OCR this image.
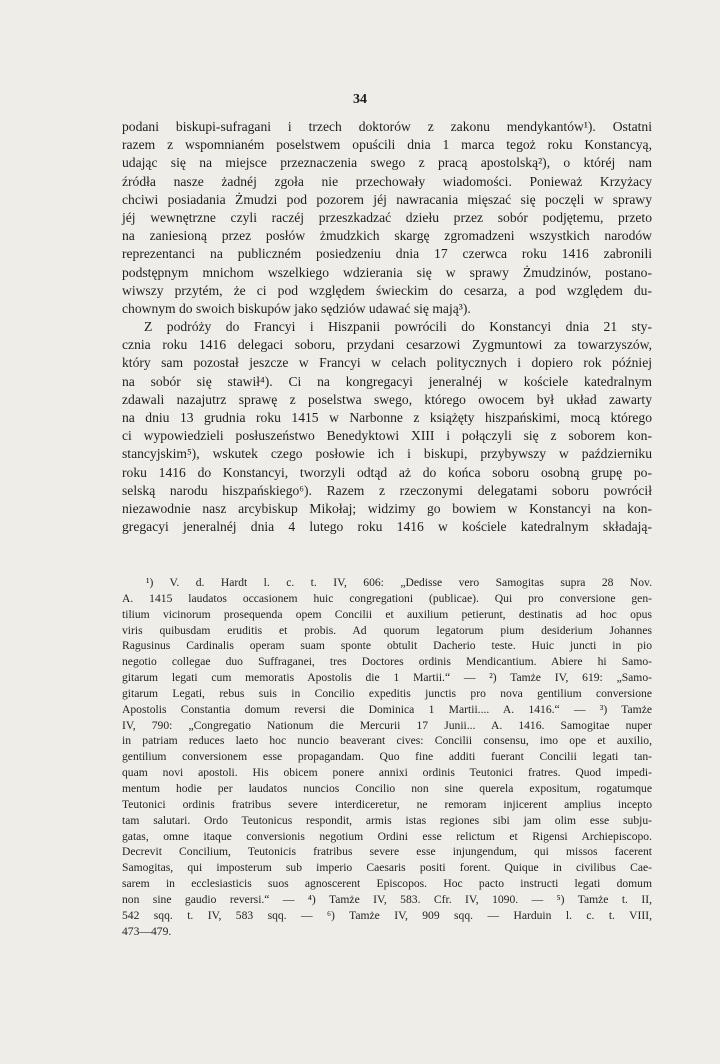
34
podani biskupi-sufragani i trzech doktorów z zakonu mendykantów¹). Ostatni
razem z wspomnianém poselstwem opuścili dnia 1 marca tegoż roku Konstancyą,
udając się na miejsce przeznaczenia swego z pracą apostolską²), o któréj nam
źródła nasze żadnéj zgoła nie przechowały wiadomości. Ponieważ Krzyżacy
chciwi posiadania Żmudzi pod pozorem jéj nawracania mięszać się poczęli w sprawy
jéj wewnętrzne czyli raczéj przeszkadzać dziełu przez sobór podjętemu, przeto
na zaniesioną przez posłów żmudzkich skargę zgromadzeni wszystkich narodów
reprezentanci na publiczném posiedzeniu dnia 17 czerwca roku 1416 zabronili
podstępnym mnichom wszelkiego wdzierania się w sprawy Żmudzinów, postano-
wiwszy przytém, że ci pod względem świeckim do cesarza, a pod względem du-
chownym do swoich biskupów jako sędziów udawać się mają³).
Z podróży do Francyi i Hiszpanii powrócili do Konstancyi dnia 21 sty-
cznia roku 1416 delegaci soboru, przydani cesarzowi Zygmuntowi za towarzyszów,
który sam pozostał jeszcze w Francyi w celach politycznych i dopiero rok później
na sobór się stawił⁴). Ci na kongregacyi jeneralnéj w kościele katedralnym
zdawali nazajutrz sprawę z poselstwa swego, którego owocem był układ zawarty
na dniu 13 grudnia roku 1415 w Narbonne z książęty hiszpańskimi, mocą którego
ci wypowiedzieli posłuszeństwo Benedyktowi XIII i połączyli się z soborem kon-
stancyjskim⁵), wskutek czego posłowie ich i biskupi, przybywszy w październiku
roku 1416 do Konstancyi, tworzyli odtąd aż do końca soboru osobną grupę po-
selską narodu hiszpańskiego⁶). Razem z rzeczonymi delegatami soboru powrócił
niezawodnie nasz arcybiskup Mikołaj; widzimy go bowiem w Konstancyi na kon-
gregacyi jeneralnéj dnia 4 lutego roku 1416 w kościele katedralnym składają-
¹) V. d. Hardt l. c. t. IV, 606: „Dedisse vero Samogitas supra 28 Nov.
A. 1415 laudatos occasionem huic congregationi (publicae). Qui pro conversione gen-
tilium vicinorum prosequenda opem Concilii et auxilium petierunt, destinatis ad hoc opus
viris quibusdam eruditis et probis. Ad quorum legatorum pium desiderium Johannes
Ragusinus Cardinalis operam suam sponte obtulit Dacherio teste. Huic juncti in pio
negotio collegae duo Suffraganei, tres Doctores ordinis Mendicantium. Abiere hi Samo-
gitarum legati cum memoratis Apostolis die 1 Martii.“ — ²) Tamże IV, 619: „Samo-
gitarum Legati, rebus suis in Concilio expeditis junctis pro nova gentilium conversione
Apostolis Constantia domum reversi die Dominica 1 Martii.... A. 1416.“ — ³) Tamże
IV, 790: „Congregatio Nationum die Mercurii 17 Junii... A. 1416. Samogitae nuper
in patriam reduces laeto hoc nuncio beaverant cives: Concilii consensu, imo ope et auxilio,
gentilium conversionem esse propagandam. Quo fine additi fuerant Concilii legati tan-
quam novi apostoli. His obicem ponere annixi ordinis Teutonici fratres. Quod impedi-
mentum hodie per laudatos nuncios Concilio non sine querela expositum, rogatumque
Teutonici ordinis fratribus severe interdiceretur, ne remoram injicerent amplius incepto
tam salutari. Ordo Teutonicus respondit, armis istas regiones sibi jam olim esse subju-
gatas, omne itaque conversionis negotium Ordini esse relictum et Rigensi Archiepiscopo.
Decrevit Concilium, Teutonicis fratribus severe esse injungendum, qui missos facerent
Samogitas, qui imposterum sub imperio Caesaris positi forent. Quique in civilibus Cae-
sarem in ecclesiasticis suos agnoscerent Episcopos. Hoc pacto instructi legati domum
non sine gaudio reversi.“ — ⁴) Tamże IV, 583. Cfr. IV, 1090. — ⁵) Tamże t. II,
542 sqq. t. IV, 583 sqq. — ⁶) Tamże IV, 909 sqq. — Harduin l. c. t. VIII,
473—479.
